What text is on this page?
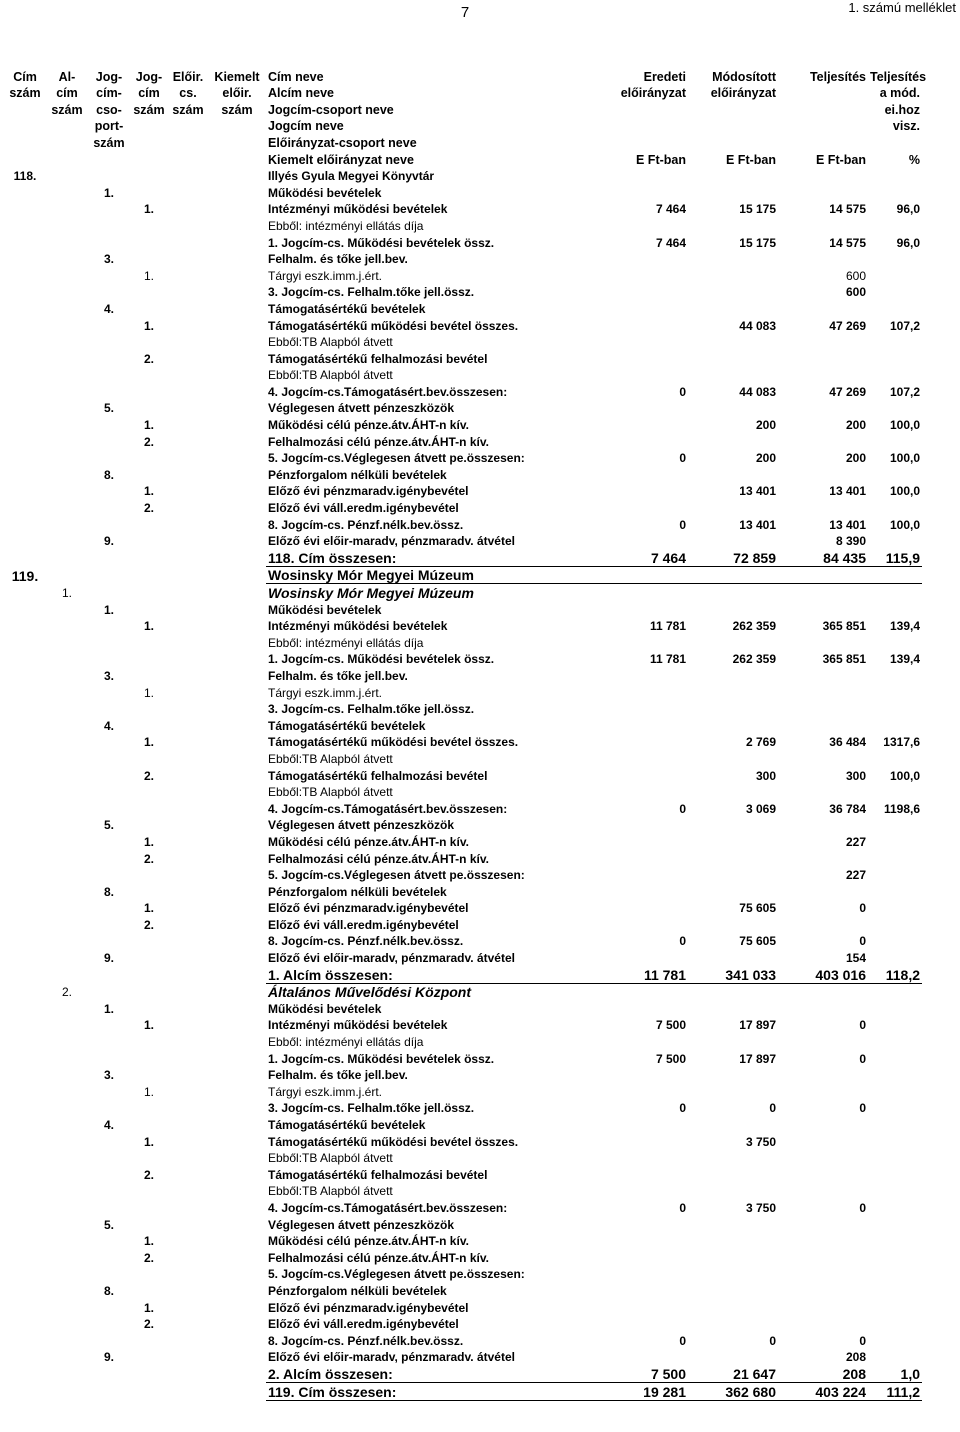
7	1. számú melléklet
Cím	Al-	Jog-	Jog-	Előir.	Kiemelt	Cím neve	Eredeti	Módosított	Teljesítés	Teljesítés
szám	cím	cím-	cím	cs.	előir.	Alcím neve	előirányzat	előirányzat		a mód.
	szám	cso-	szám	szám	szám	Jogcím-csoport neve				ei.hoz
		port-				Jogcím neve				visz.
		szám				Előirányzat-csoport neve				
						Kiemelt előirányzat neve	E Ft-ban	E Ft-ban	E Ft-ban	%
118.						Illyés Gyula Megyei Könyvtár				
		1.				Működési bevételek				
			1.			Intézményi működési bevételek	7 464	15 175	14 575	96,0
						Ebből: intézményi ellátás díja				
						1. Jogcím-cs. Működési bevételek össz.	7 464	15 175	14 575	96,0
		3.				Felhalm. és tőke jell.bev.				
			1.			Tárgyi eszk.imm.j.ért.			600	
						3. Jogcím-cs. Felhalm.tőke jell.össz.			600	
		4.				Támogatásértékű bevételek				
			1.			Támogatásértékű működési bevétel összes.		44 083	47 269	107,2
						Ebből:TB Alapból átvett				
			2.			Támogatásértékű felhalmozási bevétel				
						Ebből:TB Alapból átvett				
						4. Jogcím-cs.Támogatásért.bev.összesen:	0	44 083	47 269	107,2
		5.				Véglegesen átvett pénzeszközök				
			1.			Működési célú pénze.átv.ÁHT-n kív.		200	200	100,0
			2.			Felhalmozási célú pénze.átv.ÁHT-n kív.				
						5. Jogcím-cs.Véglegesen átvett pe.összesen:	0	200	200	100,0
		8.				Pénzforgalom nélküli bevételek				
			1.			Előző évi pénzmaradv.igénybevétel		13 401	13 401	100,0
			2.			Előző évi váll.eredm.igénybevétel				
						8. Jogcím-cs. Pénzf.nélk.bev.össz.	0	13 401	13 401	100,0
		9.				Előző évi előir-maradv, pénzmaradv. átvétel			8 390	
						118. Cím összesen:	7 464	72 859	84 435	115,9
119.						Wosinsky Mór Megyei Múzeum				
	1.					Wosinsky Mór Megyei Múzeum				
		1.				Működési bevételek				
			1.			Intézményi működési bevételek	11 781	262 359	365 851	139,4
						Ebből: intézményi ellátás díja				
						1. Jogcím-cs. Működési bevételek össz.	11 781	262 359	365 851	139,4
		3.				Felhalm. és tőke jell.bev.				
			1.			Tárgyi eszk.imm.j.ért.				
						3. Jogcím-cs. Felhalm.tőke jell.össz.				
		4.				Támogatásértékű bevételek				
			1.			Támogatásértékű működési bevétel összes.		2 769	36 484	1317,6
						Ebből:TB Alapból átvett				
			2.			Támogatásértékű felhalmozási bevétel		300	300	100,0
						Ebből:TB Alapból átvett				
						4. Jogcím-cs.Támogatásért.bev.összesen:	0	3 069	36 784	1198,6
		5.				Véglegesen átvett pénzeszközök				
			1.			Működési célú pénze.átv.ÁHT-n kív.			227	
			2.			Felhalmozási célú pénze.átv.ÁHT-n kív.				
						5. Jogcím-cs.Véglegesen átvett pe.összesen:			227	
		8.				Pénzforgalom nélküli bevételek				
			1.			Előző évi pénzmaradv.igénybevétel		75 605	0	
			2.			Előző évi váll.eredm.igénybevétel				
						8. Jogcím-cs. Pénzf.nélk.bev.össz.	0	75 605	0	
		9.				Előző évi előir-maradv, pénzmaradv. átvétel			154	
						1. Alcím összesen:	11 781	341 033	403 016	118,2
	2.					Általános Művelődési Központ				
		1.				Működési bevételek				
			1.			Intézményi működési bevételek	7 500	17 897	0	
						Ebből: intézményi ellátás díja				
						1. Jogcím-cs. Működési bevételek össz.	7 500	17 897	0	
		3.				Felhalm. és tőke jell.bev.				
			1.			Tárgyi eszk.imm.j.ért.				
						3. Jogcím-cs. Felhalm.tőke jell.össz.	0	0	0	
		4.				Támogatásértékű bevételek				
			1.			Támogatásértékű működési bevétel összes.		3 750		
						Ebből:TB Alapból átvett				
			2.			Támogatásértékű felhalmozási bevétel				
						Ebből:TB Alapból átvett				
						4. Jogcím-cs.Támogatásért.bev.összesen:	0	3 750	0	
		5.				Véglegesen átvett pénzeszközök				
			1.			Működési célú pénze.átv.ÁHT-n kív.				
			2.			Felhalmozási célú pénze.átv.ÁHT-n kív.				
						5. Jogcím-cs.Véglegesen átvett pe.összesen:				
		8.				Pénzforgalom nélküli bevételek				
			1.			Előző évi pénzmaradv.igénybevétel				
			2.			Előző évi váll.eredm.igénybevétel				
						8. Jogcím-cs. Pénzf.nélk.bev.össz.	0	0	0	
		9.				Előző évi előir-maradv, pénzmaradv. átvétel			208	
						2. Alcím összesen:	7 500	21 647	208	1,0
						119. Cím összesen:	19 281	362 680	403 224	111,2
